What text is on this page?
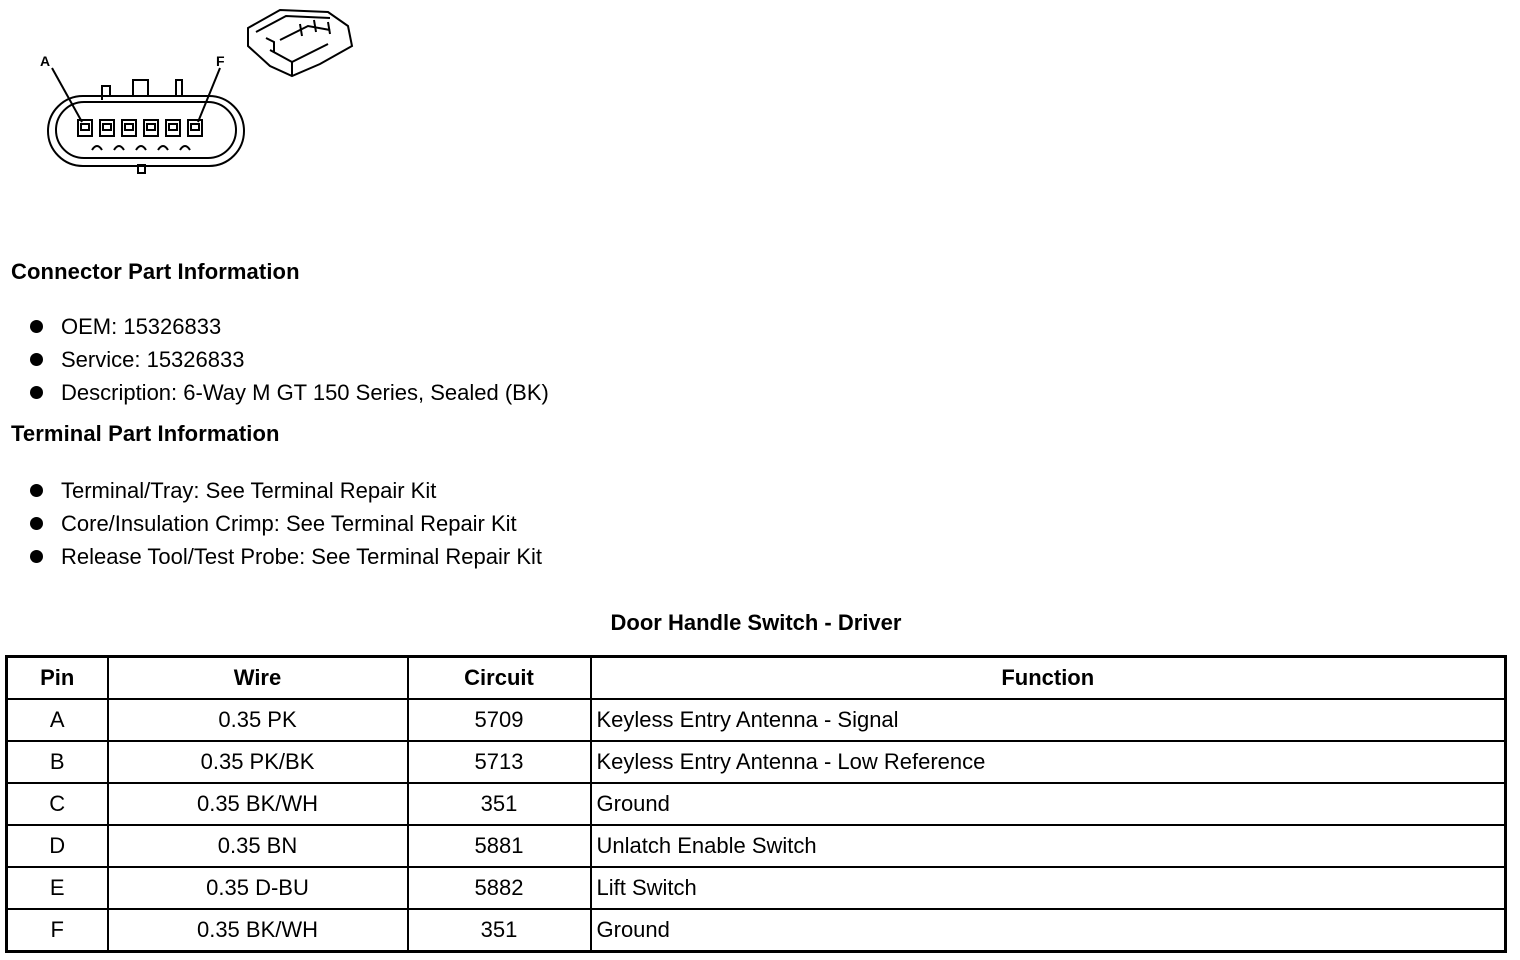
A	F
Connector Part Information
OEM: 15326833
Service: 15326833
Description: 6-Way M GT 150 Series, Sealed (BK)
Terminal Part Information
Terminal/Tray: See Terminal Repair Kit
Core/Insulation Crimp: See Terminal Repair Kit
Release Tool/Test Probe: See Terminal Repair Kit
Door Handle Switch - Driver
Pin	Wire	Circuit	Function
A	0.35 PK	5709	Keyless Entry Antenna - Signal
B	0.35 PK/BK	5713	Keyless Entry Antenna - Low Reference
C	0.35 BK/WH	351	Ground
D	0.35 BN	5881	Unlatch Enable Switch
E	0.35 D-BU	5882	Lift Switch
F	0.35 BK/WH	351	Ground
